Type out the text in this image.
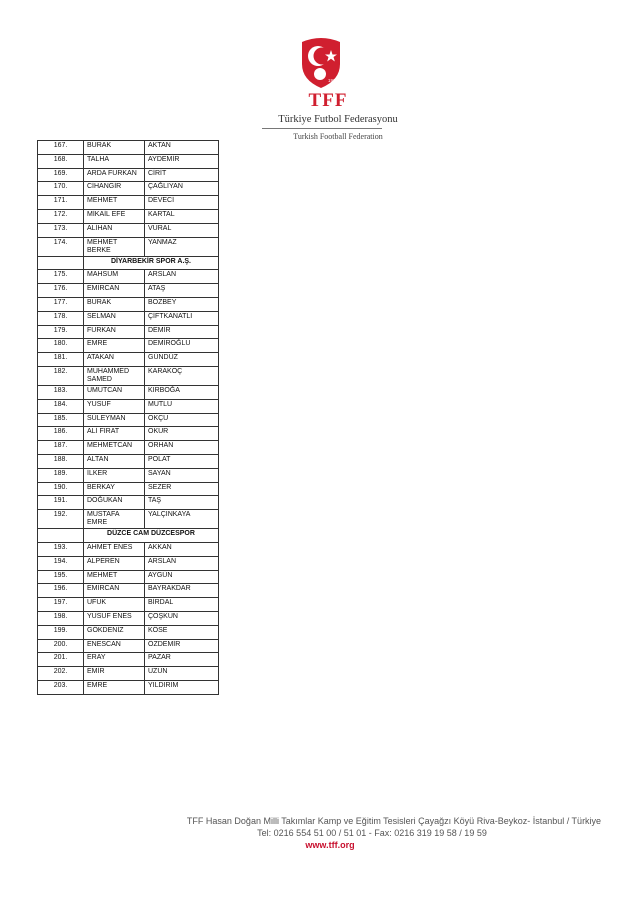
1923
TFF
Türkiye Futbol Federasyonu
Turkish Football Federation
167.	BURAK	AKTAN
168.	TALHA	AYDEMİR
169.	ARDA FURKAN	CİRİT
170.	CİHANGİR	ÇAĞLIYAN
171.	MEHMET	DEVECİ
172.	MİKAİL EFE	KARTAL
173.	ALİHAN	VURAL
174.	MEHMET BERKE	YANMAZ
	DİYARBEKİR SPOR A.Ş.	
175.	MAHSUM	ARSLAN
176.	EMİRCAN	ATAŞ
177.	BURAK	BOZBEY
178.	SELMAN	ÇİFTKANATLI
179.	FURKAN	DEMİR
180.	EMRE	DEMİROĞLU
181.	ATAKAN	GÜNDÜZ
182.	MUHAMMED SAMED	KARAKOÇ
183.	UMUTCAN	KIRBOĞA
184.	YUSUF	MUTLU
185.	SÜLEYMAN	OKÇU
186.	ALİ FIRAT	OKUR
187.	MEHMETCAN	ORHAN
188.	ALTAN	POLAT
189.	İLKER	SAYAN
190.	BERKAY	SEZER
191.	DOĞUKAN	TAŞ
192.	MUSTAFA EMRE	YALÇINKAYA
	DÜZCE CAM DÜZCESPOR	
193.	AHMET ENES	AKKAN
194.	ALPEREN	ARSLAN
195.	MEHMET	AYGÜN
196.	EMİRCAN	BAYRAKDAR
197.	UFUK	BİRDAL
198.	YUSUF ENES	ÇOŞKUN
199.	GÖKDENİZ	KÖSE
200.	ENESCAN	ÖZDEMİR
201.	ERAY	PAZAR
202.	EMİR	UZUN
203.	EMRE	YILDIRIM
TFF Hasan Doğan Milli Takımlar Kamp ve Eğitim Tesisleri Çayağzı Köyü Riva-Beykoz- İstanbul / Türkiye
Tel: 0216 554 51 00 / 51 01 - Fax: 0216 319 19 58 / 19 59
www.tff.org
